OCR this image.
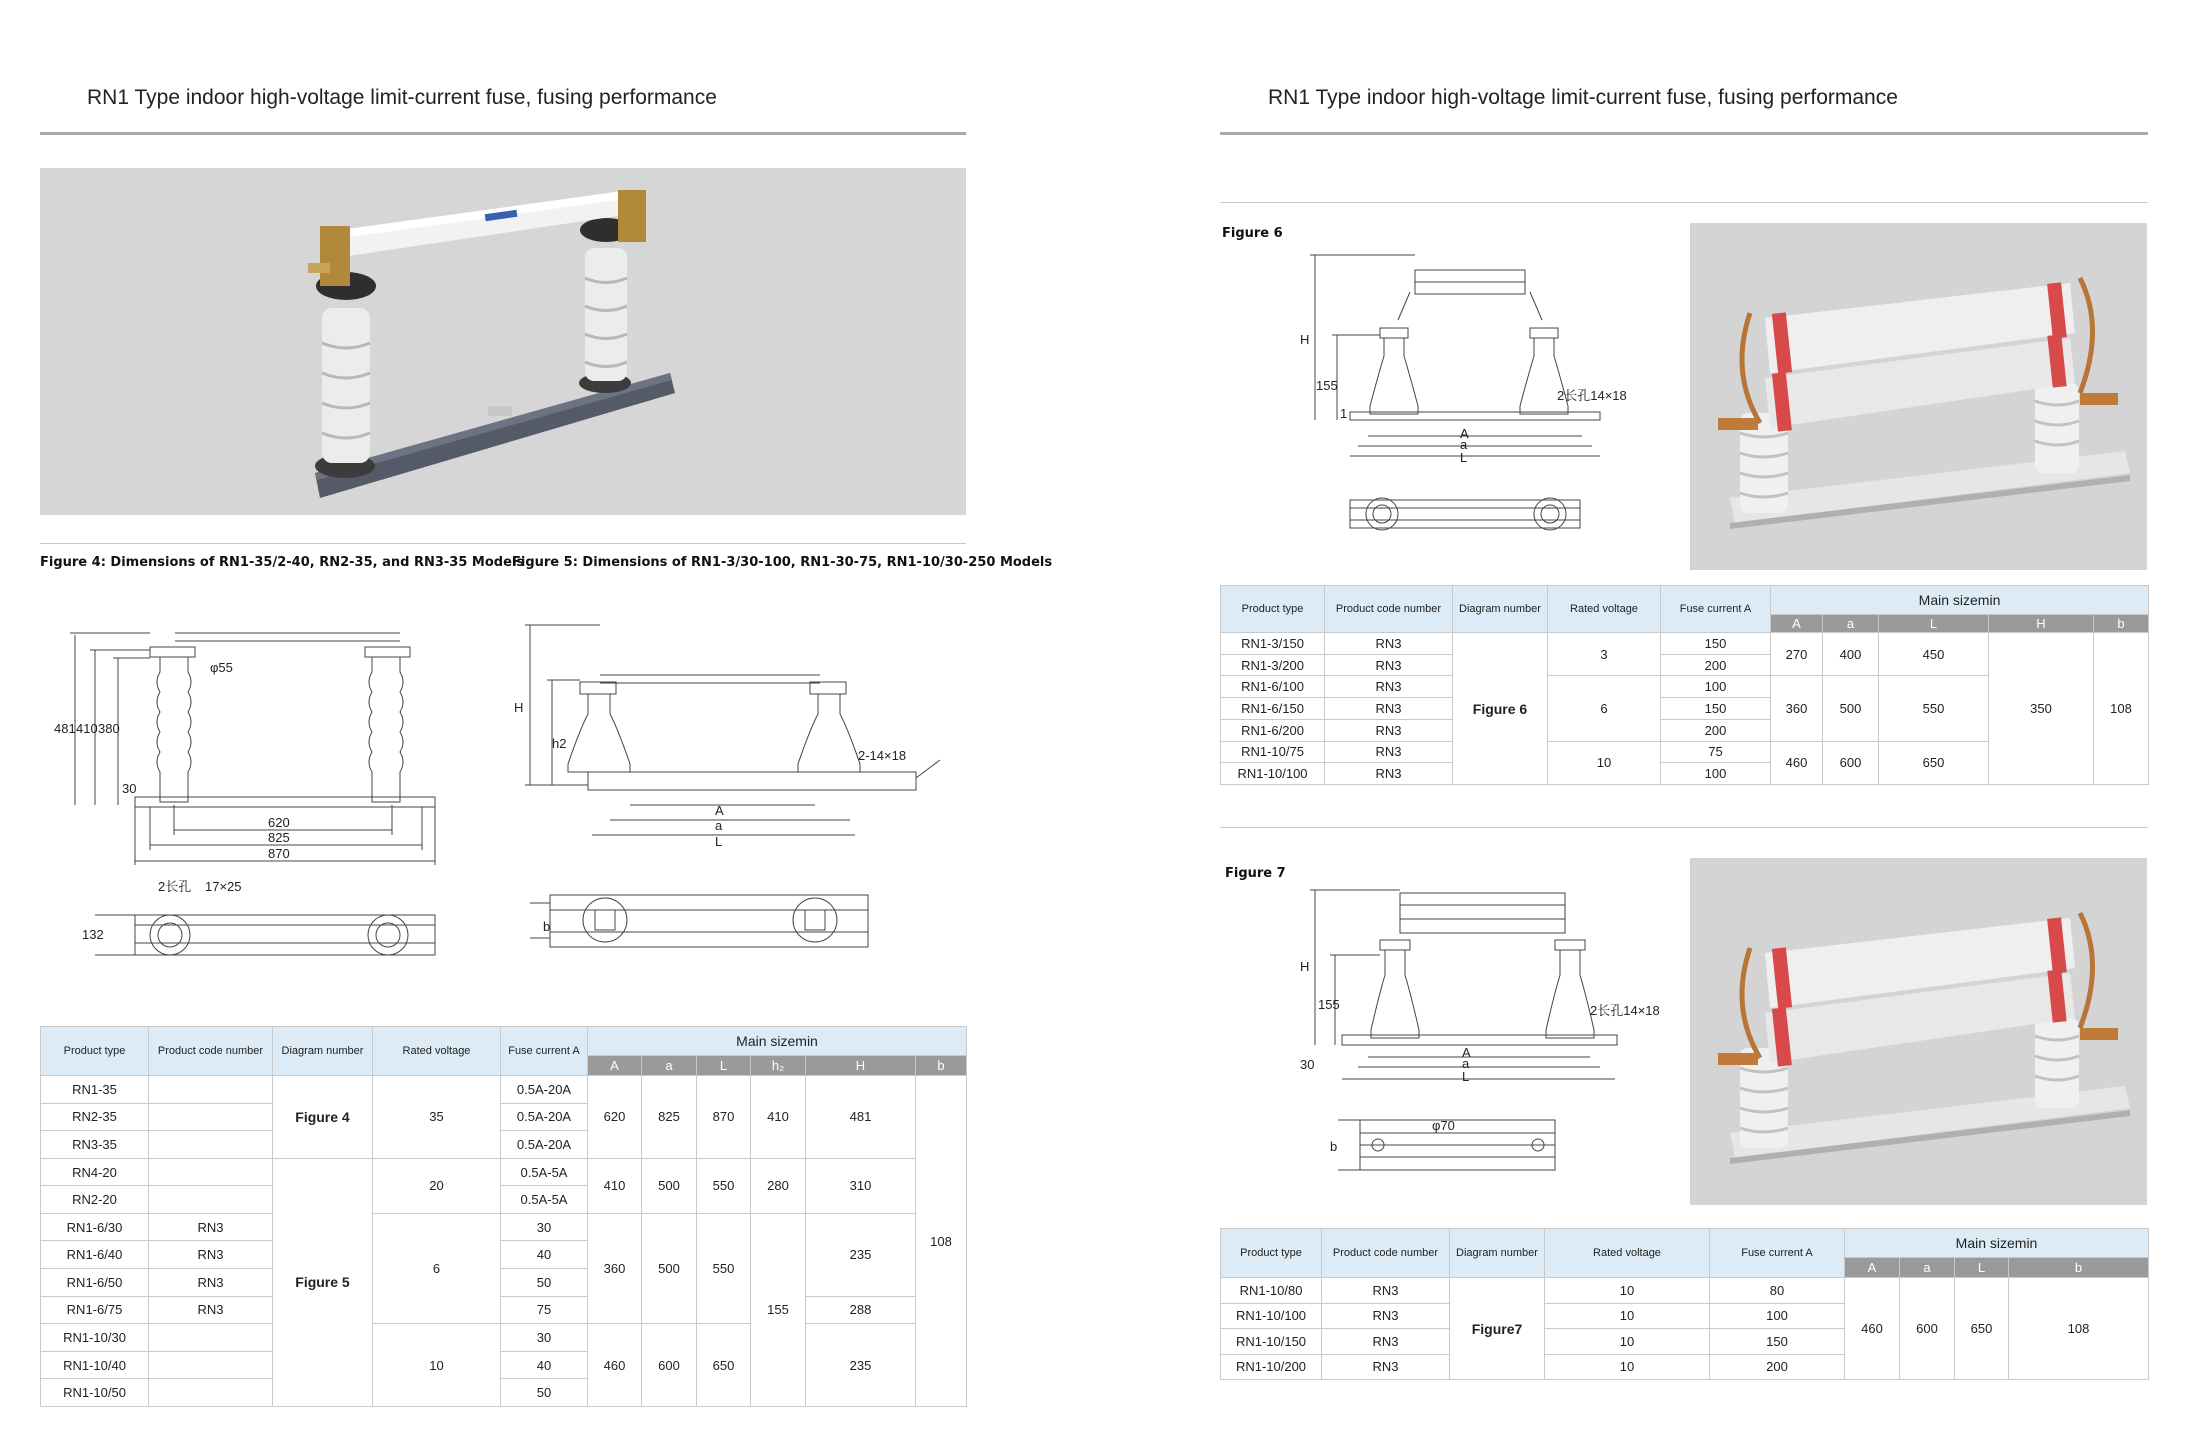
RN1 Type indoor high-voltage limit-current fuse, fusing performance
Figure 4: Dimensions of RN1-35/2-40, RN2-35, and RN3-35 Models
Figure 5: Dimensions of RN1-3/30-100, RN1-30-75, RN1-10/30-250 Models
φ55
481 410 380
30
620
825
870
2长孔 17×25
132
H
h2
2-14×18
A
a
L
b
Product type	Product code number	Diagram number	Rated voltage	Fuse current A	Main sizemin					
					A	a	L	h₂	H	b
RN1-35		Figure 4	35	0.5A-20A	620	825	870	410	481	108
RN2-35				0.5A-20A						
RN3-35				0.5A-20A						
RN4-20		Figure 5	20	0.5A-5A	410	500	550	280	310	
RN2-20				0.5A-5A						
RN1-6/30	RN3		6	30	360	500	550	155	235	
RN1-6/40	RN3			40						
RN1-6/50	RN3			50						
RN1-6/75	RN3			75					288	
RN1-10/30			10	30	460	600	650		235	
RN1-10/40				40						
RN1-10/50				50						
RN1 Type indoor high-voltage limit-current fuse, fusing performance
Figure 6
H
155
1
2长孔14×18
A
a
L
Product type	Product code number	Diagram number	Rated voltage	Fuse current A	Main sizemin				
					A	a	L	H	b
RN1-3/150	RN3	Figure 6	3	150	270	400	450	350	108
RN1-3/200	RN3			200					
RN1-6/100	RN3		6	100	360	500	550		
RN1-6/150	RN3			150					
RN1-6/200	RN3			200					
RN1-10/75	RN3		10	75	460	600	650		
RN1-10/100	RN3			100					
Figure 7
H
155
30
2长孔14×18
A
a
L
φ70
b
Product type	Product code number	Diagram number	Rated voltage	Fuse current A	Main sizemin			
					A	a	L	b
RN1-10/80	RN3	Figure7	10	80	460	600	650	108
RN1-10/100	RN3		10	100				
RN1-10/150	RN3		10	150				
RN1-10/200	RN3		10	200				
